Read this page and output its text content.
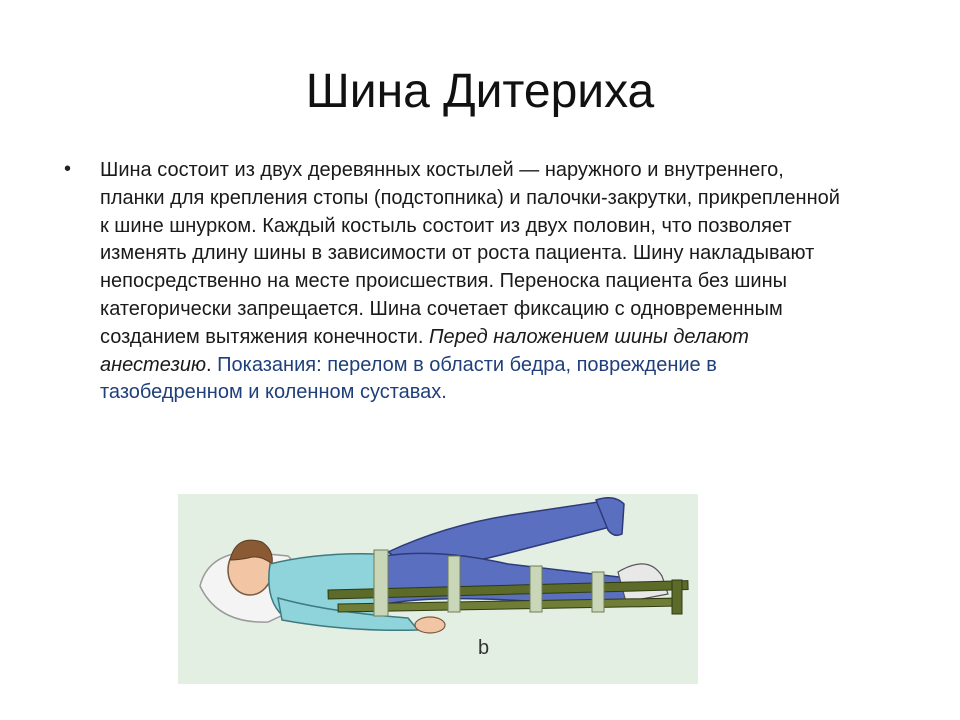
Шина Дитериха
• Шина состоит из двух деревянных костылей — наружного и внутреннего, планки для крепления стопы (подстопника) и палочки-закрутки, прикрепленной к шине шнурком. Каждый костыль состоит из двух половин, что позволяет изменять длину шины в зависимости от роста пациента. Шину накладывают непосредственно на месте происшествия. Переноска пациента без шины категорически запрещается. Шина сочетает фиксацию с одновременным созданием вытяжения конечности. Перед наложением шины делают анестезию. Показания: перелом в области бедра, повреждение в тазобедренном и коленном суставах.
b
